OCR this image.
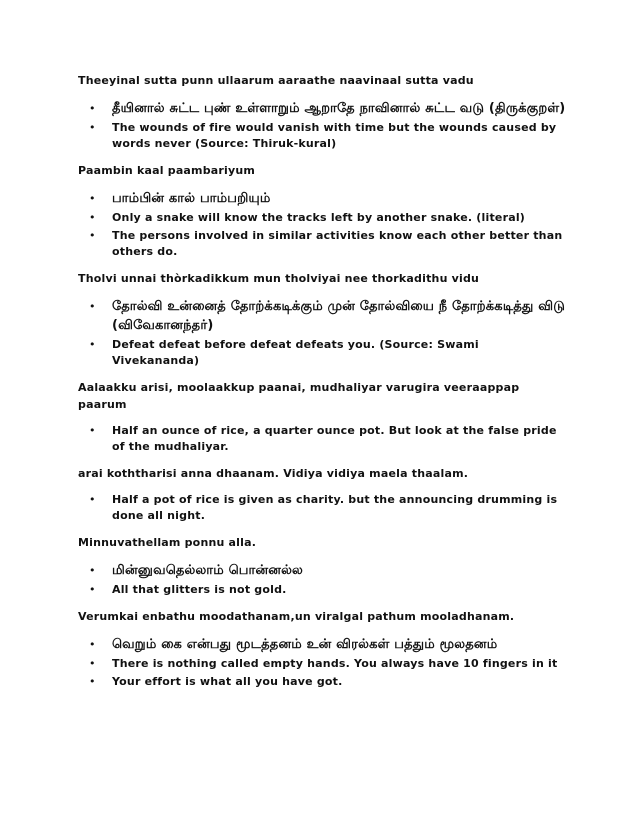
Theeyinal sutta punn ullaarum aaraathe naavinaal sutta vadu
• தீயினால் சுட்ட புண் உள்ளாறும் ஆறாதே நாவினால் சுட்ட வடு (திருக்குறள்)
• The wounds of fire would vanish with time but the wounds caused by words never (Source: Thiruk-kural)
Paambin kaal paambariyum
• பாம்பின் கால் பாம்பறியும்
• Only a snake will know the tracks left by another snake. (literal)
• The persons involved in similar activities know each other better than others do.
Tholvi unnai thòrkadikkum mun tholviyai nee thorkadithu vidu
• தோல்வி உன்னைத் தோற்க்கடிக்கும் முன் தோல்வியை நீ தோற்க்கடித்து விடு (விவேகானந்தர்)
• Defeat defeat before defeat defeats you. (Source: Swami Vivekananda)
Aalaakku arisi, moolaakkup paanai, mudhaliyar varugira veeraappap paarum
• Half an ounce of rice, a quarter ounce pot. But look at the false pride of the mudhaliyar.
arai koththarisi anna dhaanam. Vidiya vidiya maela thaalam.
• Half a pot of rice is given as charity. but the announcing drumming is done all night.
Minnuvathellam ponnu alla.
• மின்னுவதெல்லாம் பொன்னல்ல
• All that glitters is not gold.
Verumkai enbathu moodathanam,un viralgal pathum mooladhanam.
• வெறும் கை என்பது மூடத்தனம் உன் விரல்கள் பத்தும் மூலதனம்
• There is nothing called empty hands. You always have 10 fingers in it
• Your effort is what all you have got.
